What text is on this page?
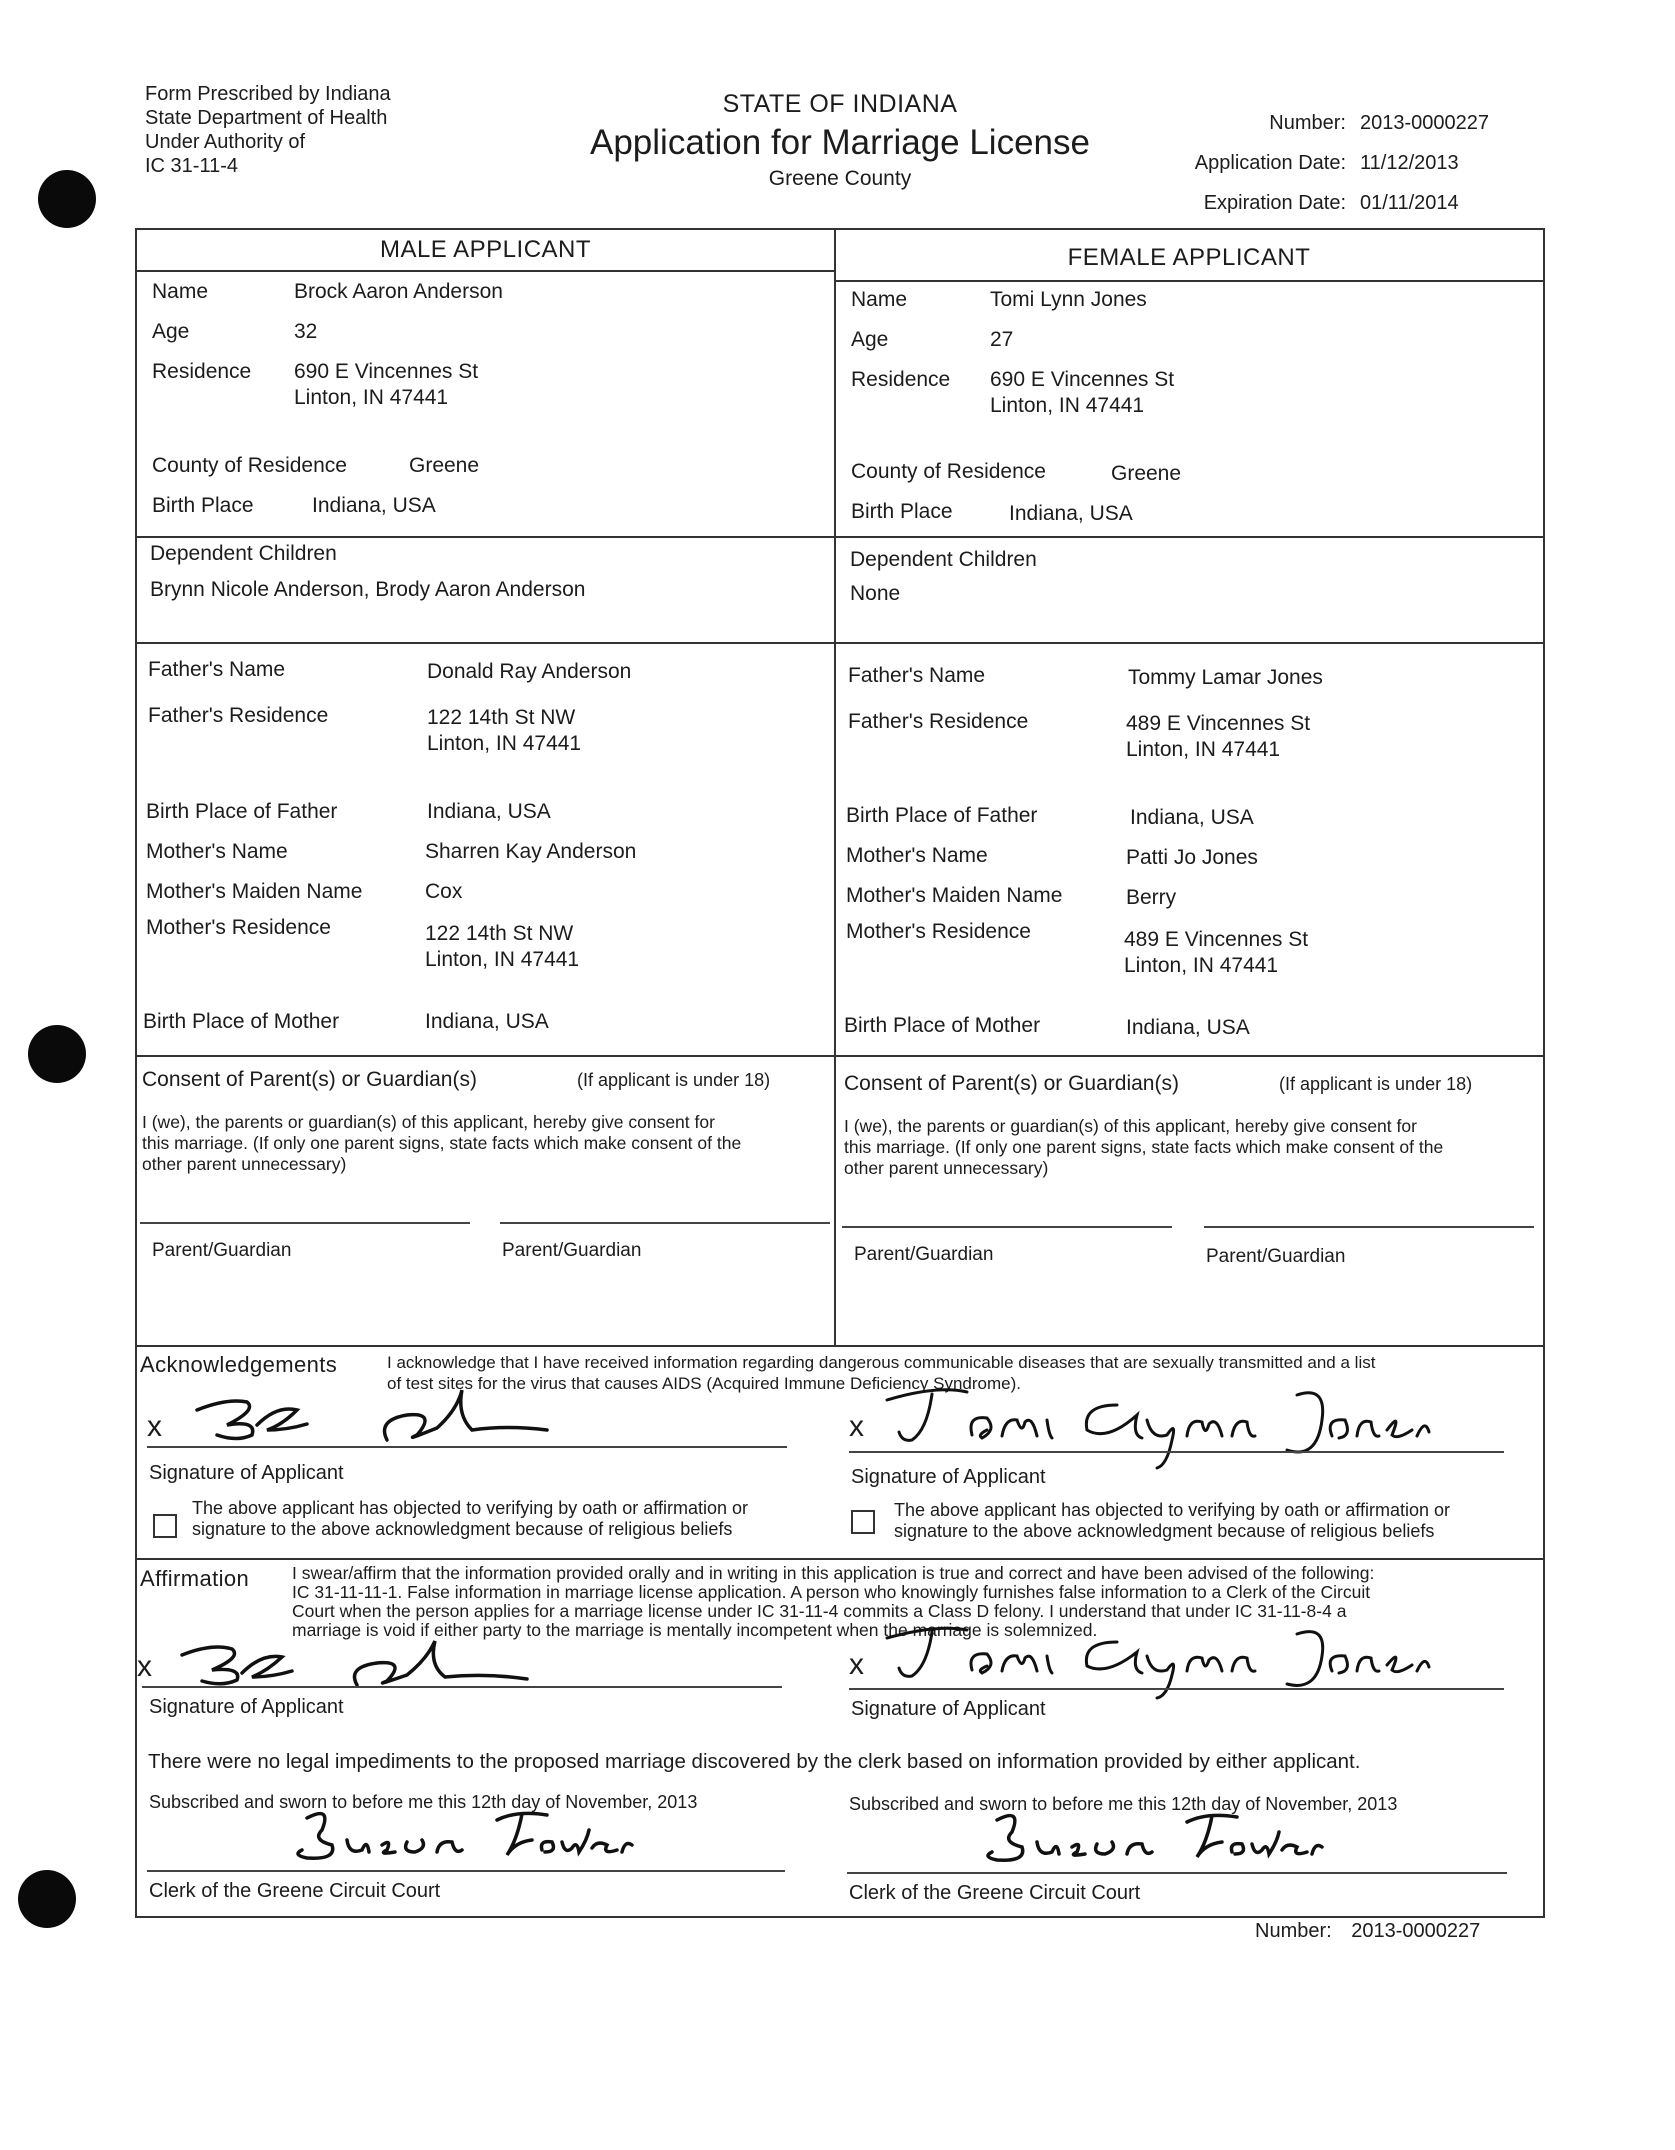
Form Prescribed by Indiana
State Department of Health
Under Authority of
IC 31-11-4
STATE OF INDIANA
Application for Marriage License
Greene County
Number: 2013-0000227
Application Date: 11/12/2013
Expiration Date: 01/11/2014
MALE APPLICANT
Name	Brock Aaron Anderson
Age	32
Residence 690 E Vincennes St
Linton, IN 47441
County of Residence	Greene
Birth Place	Indiana, USA
Dependent Children
Brynn Nicole Anderson, Brody Aaron Anderson
Father's Name	Donald Ray Anderson
Father's Residence	122 14th St NW
Linton, IN 47441
Birth Place of Father	Indiana, USA
Mother's Name	Sharren Kay Anderson
Mother's Maiden Name	Cox
Mother's Residence	122 14th St NW
Linton, IN 47441
Birth Place of Mother	Indiana, USA
Consent of Parent(s) or Guardian(s)	(If applicant is under 18)
I (we), the parents or guardian(s) of this applicant, hereby give consent for
this marriage. (If only one parent signs, state facts which make consent of the
other parent unnecessary)
Parent/Guardian	Parent/Guardian
FEMALE APPLICANT
Name	Tomi Lynn Jones
Age	27
Residence 690 E Vincennes St
Linton, IN 47441
County of Residence	Greene
Birth Place	Indiana, USA
Dependent Children
None
Father's Name	Tommy Lamar Jones
Father's Residence	489 E Vincennes St
Linton, IN 47441
Birth Place of Father	Indiana, USA
Mother's Name	Patti Jo Jones
Mother's Maiden Name	Berry
Mother's Residence	489 E Vincennes St
Linton, IN 47441
Birth Place of Mother	Indiana, USA
Consent of Parent(s) or Guardian(s)	(If applicant is under 18)
I (we), the parents or guardian(s) of this applicant, hereby give consent for
this marriage. (If only one parent signs, state facts which make consent of the
other parent unnecessary)
Parent/Guardian	Parent/Guardian
Acknowledgements	I acknowledge that I have received information regarding dangerous communicable diseases that are sexually transmitted and a list
of test sites for the virus that causes AIDS (Acquired Immune Deficiency Syndrome).
x
Signature of Applicant
The above applicant has objected to verifying by oath or affirmation or
signature to the above acknowledgment because of religious beliefs
x
Signature of Applicant
The above applicant has objected to verifying by oath or affirmation or
signature to the above acknowledgment because of religious beliefs
Affirmation I swear/affirm that the information provided orally and in writing in this application is true and correct and have been advised of the following:
IC 31-11-11-1. False information in marriage license application. A person who knowingly furnishes false information to a Clerk of the Circuit
Court when the person applies for a marriage license under IC 31-11-4 commits a Class D felony. I understand that under IC 31-11-8-4 a
marriage is void if either party to the marriage is mentally incompetent when the marriage is solemnized.
x
Signature of Applicant
x
Signature of Applicant
There were no legal impediments to the proposed marriage discovered by the clerk based on information provided by either applicant.
Subscribed and sworn to before me this 12th day of November, 2013
Clerk of the Greene Circuit Court
Subscribed and sworn to before me this 12th day of November, 2013
Clerk of the Greene Circuit Court
Number: 2013-0000227
